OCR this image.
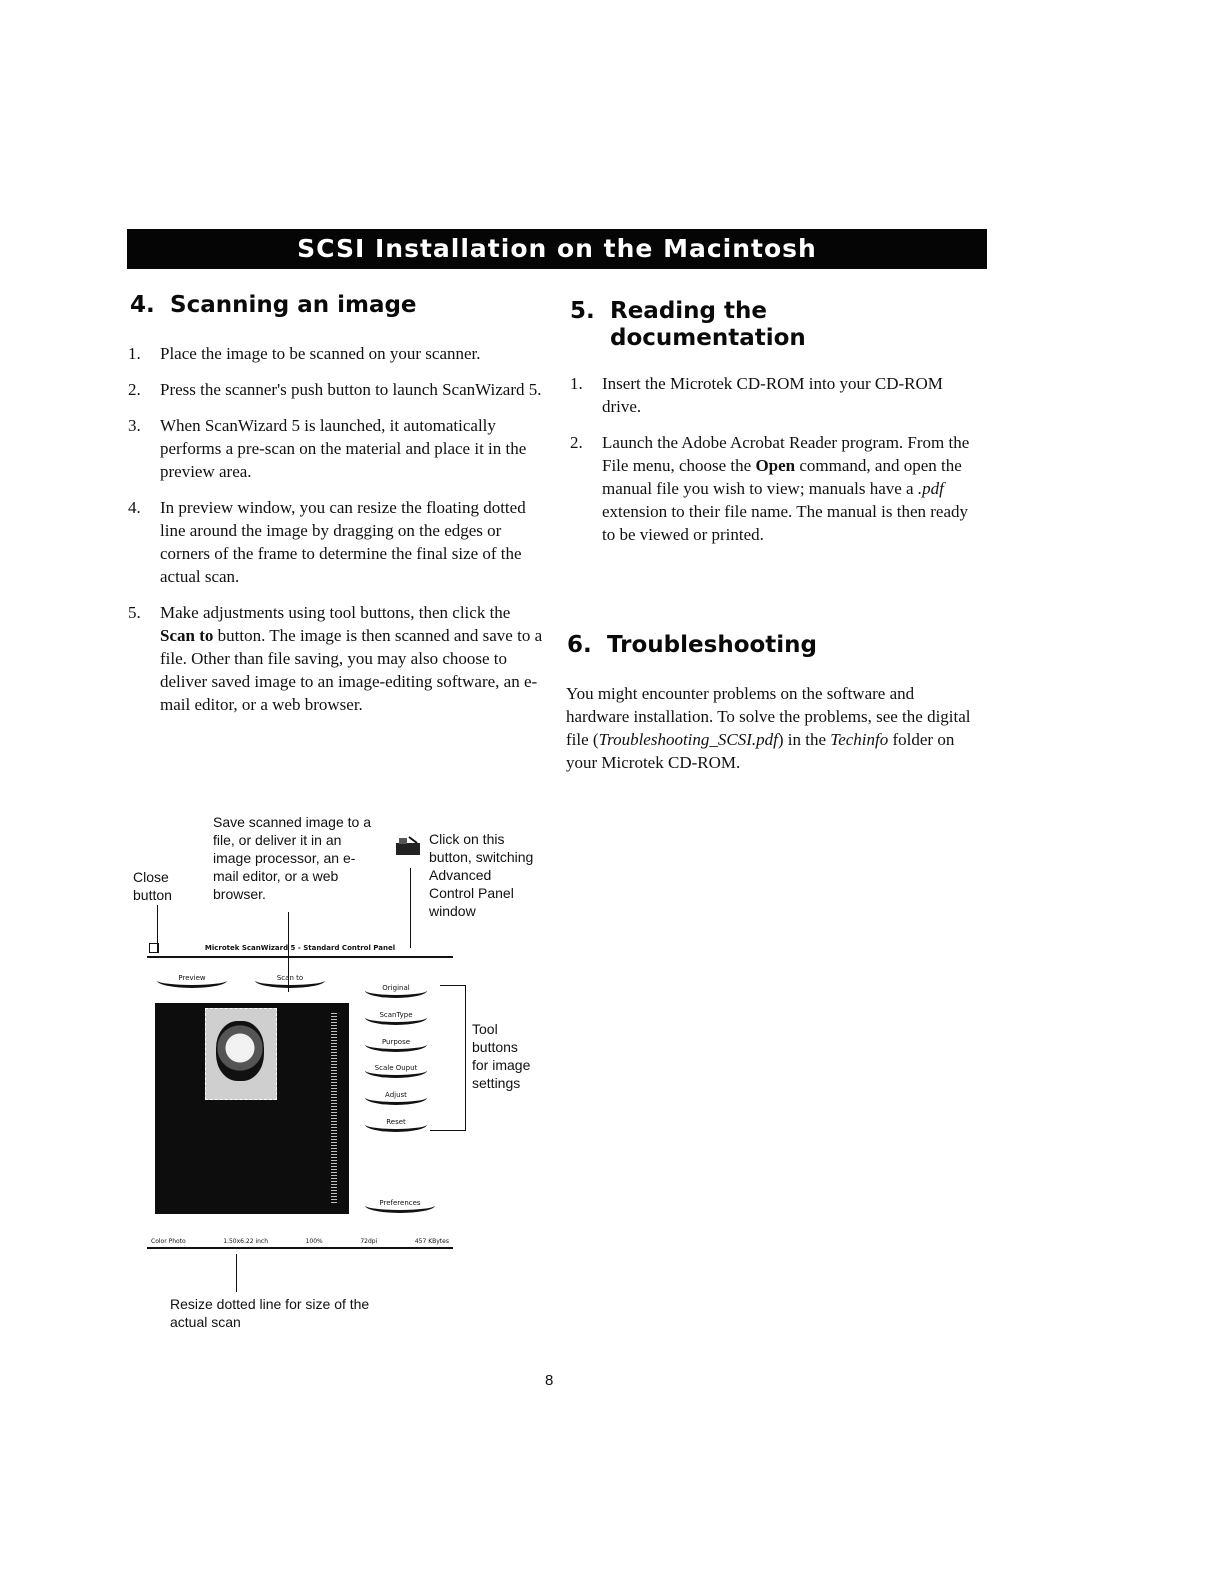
SCSI Installation on the Macintosh
4. Scanning an image
1. Place the image to be scanned on your scanner.
2. Press the scanner's push button to launch ScanWizard 5.
3. When ScanWizard 5 is launched, it automatically performs a pre-scan on the material and place it in the preview area.
4. In preview window, you can resize the floating dotted line around the image by dragging on the edges or corners of the frame to determine the final size of the actual scan.
5. Make adjustments using tool buttons, then click the Scan to button. The image is then scanned and save to a file. Other than file saving, you may also choose to deliver saved image to an image-editing software, an e-mail editor, or a web browser.
5. Reading the
documentation
1. Insert the Microtek CD-ROM into your CD-ROM drive.
2. Launch the Adobe Acrobat Reader program. From the File menu, choose the Open command, and open the manual file you wish to view; manuals have a .pdf extension to their file name. The manual is then ready to be viewed or printed.
6. Troubleshooting

You might encounter problems on the software and hardware installation. To solve the problems, see the digital file (Troubleshooting_SCSI.pdf) in the Techinfo folder on your Microtek CD-ROM.

Save scanned image to a file, or deliver it in an image processor, an e-mail editor, or a web browser.

Close button

Click on this button, switching Advanced Control Panel window

Tool buttons for image settings

Resize dotted line for size of the actual scan

Microtek ScanWizard 5 - Standard Control Panel
Preview	Scan to
Original
ScanType
Purpose
Scale Ouput
Adjust
Reset
Preferences
Color Photo	1.50x6.22 inch	100%	72dpi	457 KBytes
8
